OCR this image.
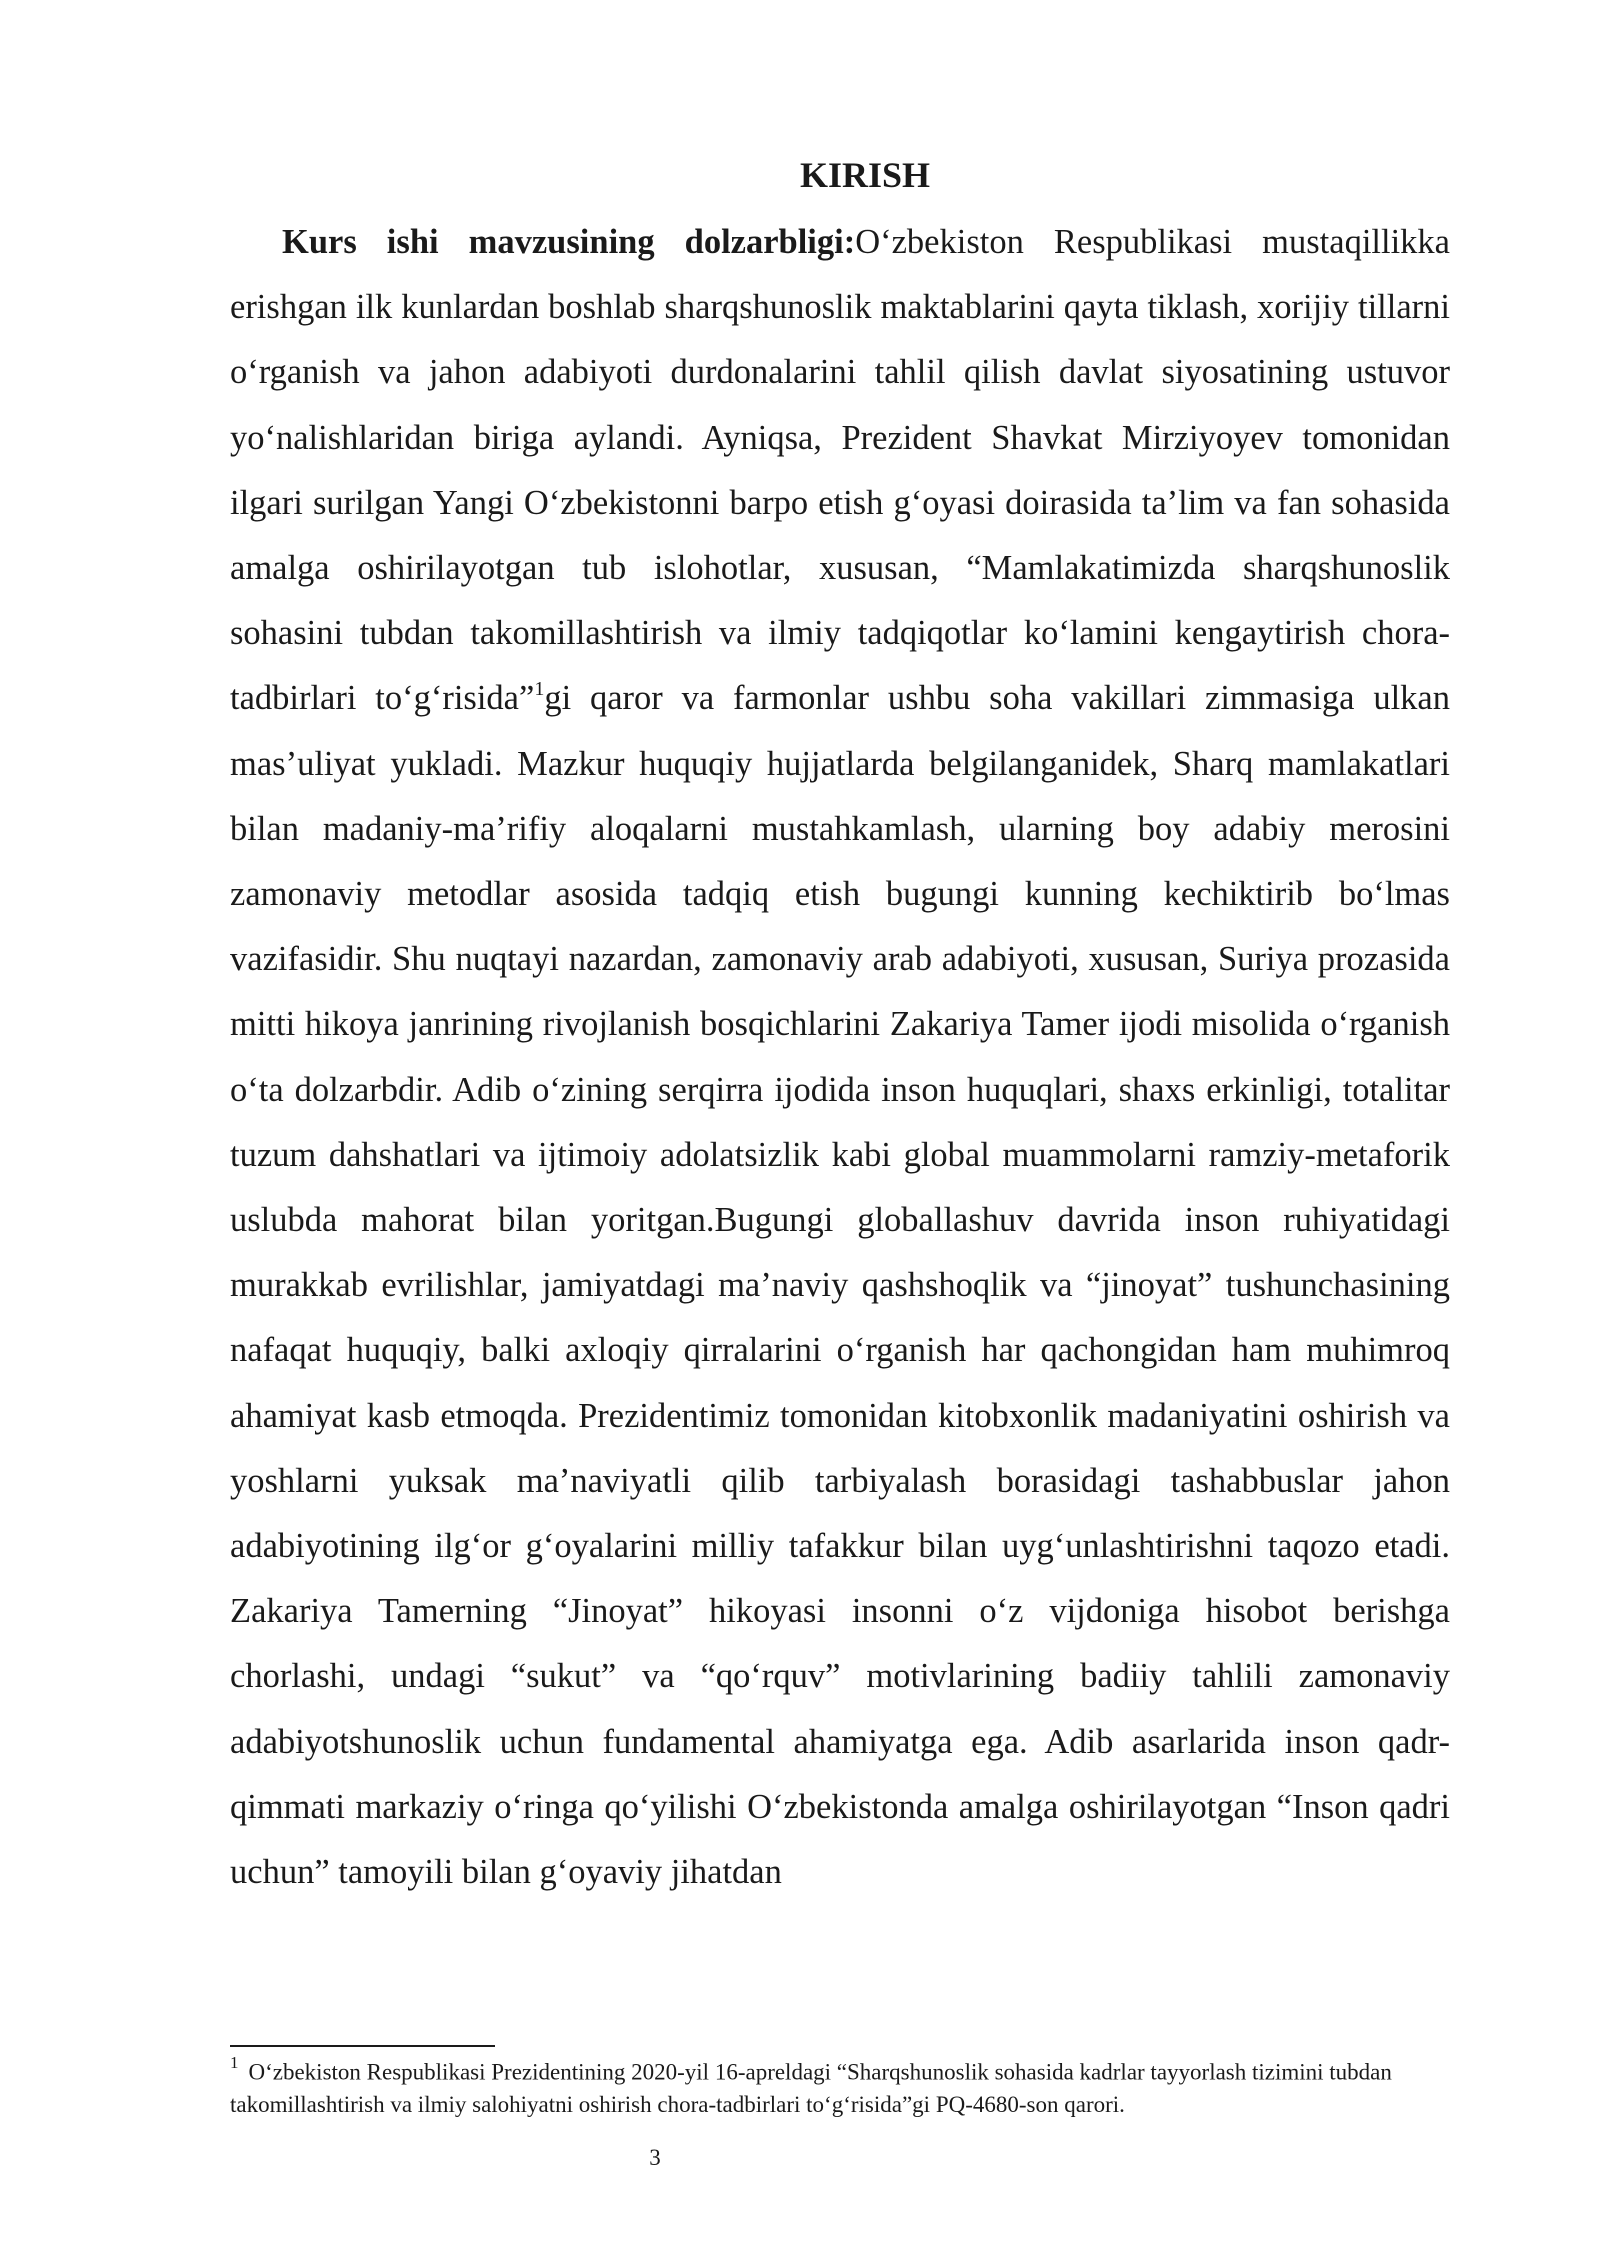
KIRISH

Kurs ishi mavzusining dolzarbligi:O‘zbekiston Respublikasi mustaqillikka erishgan ilk kunlardan boshlab sharqshunoslik maktablarini qayta tiklash, xorijiy tillarni o‘rganish va jahon adabiyoti durdonalarini tahlil qilish davlat siyosatining ustuvor yo‘nalishlaridan biriga aylandi. Ayniqsa, Prezident Shavkat Mirziyoyev tomonidan ilgari surilgan Yangi O‘zbekistonni barpo etish g‘oyasi doirasida ta’lim va fan sohasida amalga oshirilayotgan tub islohotlar, xususan, “Mamlakatimizda sharqshunoslik sohasini tubdan takomillashtirish va ilmiy tadqiqotlar ko‘lamini kengaytirish chora-tadbirlari to‘g‘risida”$^1$gi qaror va farmonlar ushbu soha vakillari zimmasiga ulkan mas’uliyat yukladi. Mazkur huquqiy hujjatlarda belgilanganidek, Sharq mamlakatlari bilan madaniy-ma’rifiy aloqalarni mustahkamlash, ularning boy adabiy merosini zamonaviy metodlar asosida tadqiq etish bugungi kunning kechiktirib bo‘lmas vazifasidir. Shu nuqtayi nazardan, zamonaviy arab adabiyoti, xususan, Suriya prozasida mitti hikoya janrining rivojlanish bosqichlarini Zakariya Tamer ijodi misolida o‘rganish o‘ta dolzarbdir. Adib o‘zining serqirra ijodida inson huquqlari, shaxs erkinligi, totalitar tuzum dahshatlari va ijtimoiy adolatsizlik kabi global muammolarni ramziy-metaforik uslubda mahorat bilan yoritgan.Bugungi globallashuv davrida inson ruhiyatidagi murakkab evrilishlar, jamiyatdagi ma’naviy qashshoqlik va “jinoyat” tushunchasining nafaqat huquqiy, balki axloqiy qirralarini o‘rganish har qachongidan ham muhimroq ahamiyat kasb etmoqda. Prezidentimiz tomonidan kitobxonlik madaniyatini oshirish va yoshlarni yuksak ma’naviyatli qilib tarbiyalash borasidagi tashabbuslar jahon adabiyotining ilg‘or g‘oyalarini milliy tafakkur bilan uyg‘unlashtirishni taqozo etadi. Zakariya Tamerning “Jinoyat” hikoyasi insonni o‘z vijdoniga hisobot berishga chorlashi, undagi “sukut” va “qo‘rquv” motivlarining badiiy tahlili zamonaviy adabiyotshunoslik uchun fundamental ahamiyatga ega. Adib asarlarida inson qadr-qimmati markaziy o‘ringa qo‘yilishi O‘zbekistonda amalga oshirilayotgan “Inson qadri uchun” tamoyili bilan g‘oyaviy jihatdan

$^1$ O‘zbekiston Respublikasi Prezidentining 2020-yil 16-apreldagi “Sharqshunoslik sohasida kadrlar tayyorlash tizimini tubdan takomillashtirish va ilmiy salohiyatni oshirish chora-tadbirlari to‘g‘risida”gi PQ-4680-son qarori.

3
